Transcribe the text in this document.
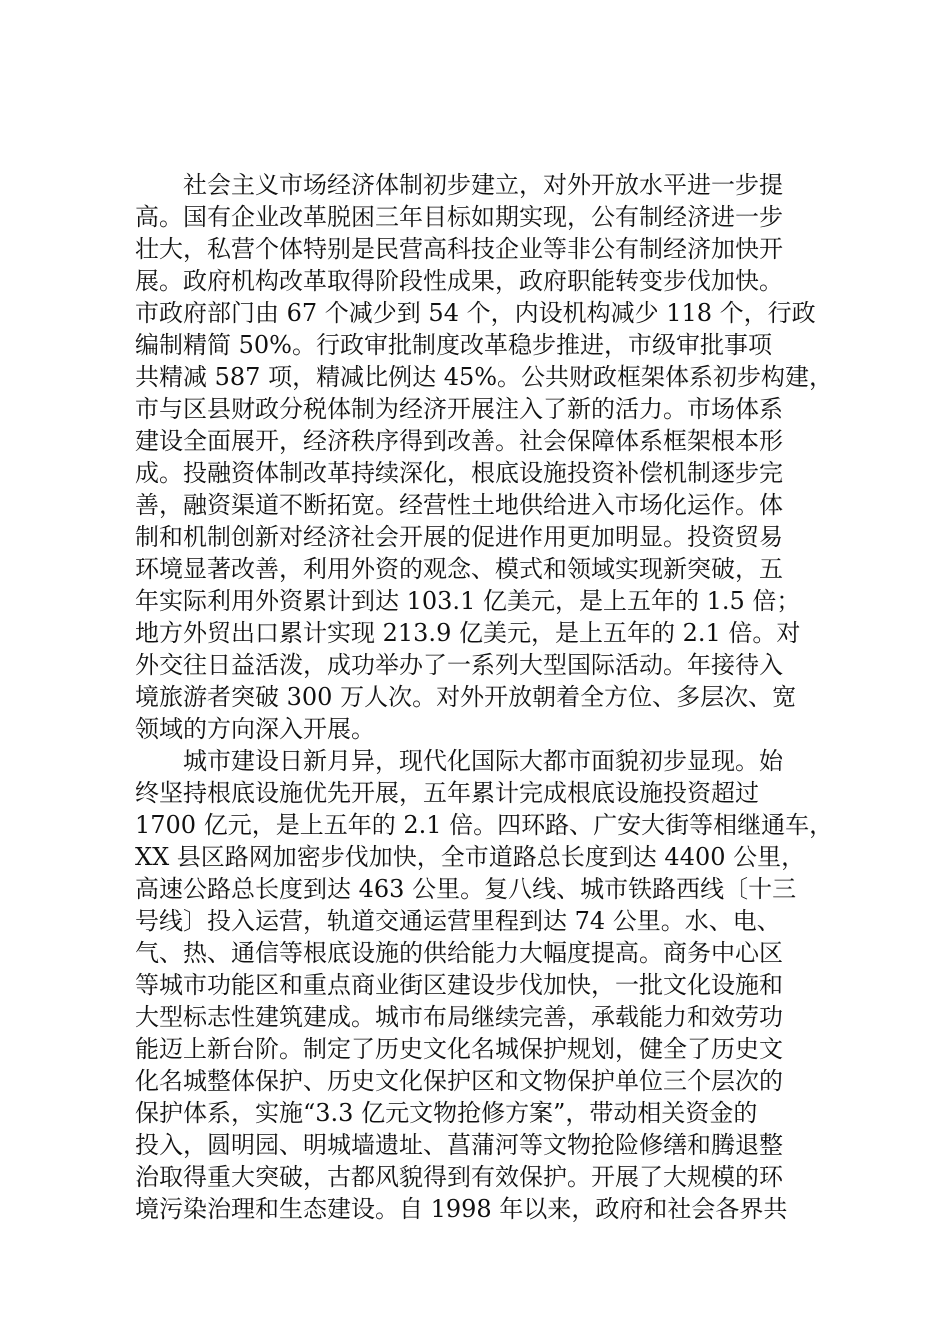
社会主义市场经济体制初步建立，对外开放水平进一步提
高。国有企业改革脱困三年目标如期实现，公有制经济进一步
壮大，私营个体特别是民营高科技企业等非公有制经济加快开
展。政府机构改革取得阶段性成果，政府职能转变步伐加快。
市政府部门由 67 个减少到 54 个，内设机构减少 118 个，行政
编制精简 50%。行政审批制度改革稳步推进，市级审批事项
共精减 587 项，精减比例达 45%。公共财政框架体系初步构建，
市与区县财政分税体制为经济开展注入了新的活力。市场体系
建设全面展开，经济秩序得到改善。社会保障体系框架根本形
成。投融资体制改革持续深化，根底设施投资补偿机制逐步完
善，融资渠道不断拓宽。经营性土地供给进入市场化运作。体
制和机制创新对经济社会开展的促进作用更加明显。投资贸易
环境显著改善，利用外资的观念、模式和领域实现新突破，五
年实际利用外资累计到达 103.1 亿美元，是上五年的 1.5 倍；
地方外贸出口累计实现 213.9 亿美元，是上五年的 2.1 倍。对
外交往日益活泼，成功举办了一系列大型国际活动。年接待入
境旅游者突破 300 万人次。对外开放朝着全方位、多层次、宽
领域的方向深入开展。
城市建设日新月异，现代化国际大都市面貌初步显现。始
终坚持根底设施优先开展，五年累计完成根底设施投资超过
1700 亿元，是上五年的 2.1 倍。四环路、广安大街等相继通车，
XX 县区路网加密步伐加快，全市道路总长度到达 4400 公里，
高速公路总长度到达 463 公里。复八线、城市铁路西线〔十三
号线〕投入运营，轨道交通运营里程到达 74 公里。水、电、
气、热、通信等根底设施的供给能力大幅度提高。商务中心区
等城市功能区和重点商业街区建设步伐加快，一批文化设施和
大型标志性建筑建成。城市布局继续完善，承载能力和效劳功
能迈上新台阶。制定了历史文化名城保护规划，健全了历史文
化名城整体保护、历史文化保护区和文物保护单位三个层次的
保护体系，实施“3.3 亿元文物抢修方案”，带动相关资金的
投入，圆明园、明城墙遗址、菖蒲河等文物抢险修缮和腾退整
治取得重大突破，古都风貌得到有效保护。开展了大规模的环
境污染治理和生态建设。自 1998 年以来，政府和社会各界共
